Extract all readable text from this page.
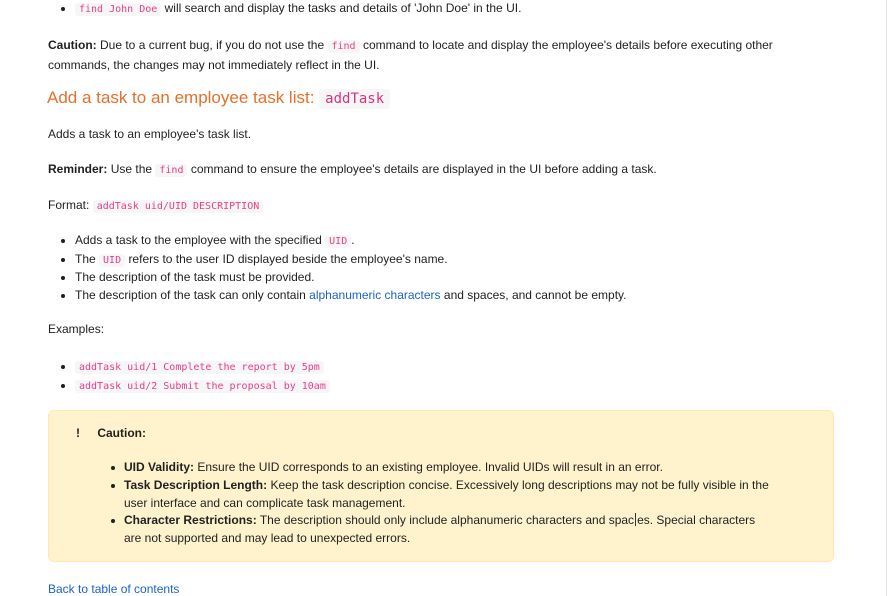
find John Doe will search and display the tasks and details of 'John Doe' in the UI.
Caution: Due to a current bug, if you do not use the find command to locate and display the employee's details before executing other
commands, the changes may not immediately reflect in the UI.
Add a task to an employee task list: addTask
Adds a task to an employee's task list.
Reminder: Use the find command to ensure the employee's details are displayed in the UI before adding a task.
Format: addTask uid/UID DESCRIPTION
Adds a task to the employee with the specified UID .
The UID refers to the user ID displayed beside the employee's name.
The description of the task must be provided.
The description of the task can only contain alphanumeric characters and spaces, and cannot be empty.
Examples:
addTask uid/1 Complete the report by 5pm
addTask uid/2 Submit the proposal by 10am
! Caution:
UID Validity: Ensure the UID corresponds to an existing employee. Invalid UIDs will result in an error.
Task Description Length: Keep the task description concise. Excessively long descriptions may not be fully visible in the
user interface and can complicate task management.
Character Restrictions: The description should only include alphanumeric characters and spac es. Special characters
are not supported and may lead to unexpected errors.
Back to table of contents
